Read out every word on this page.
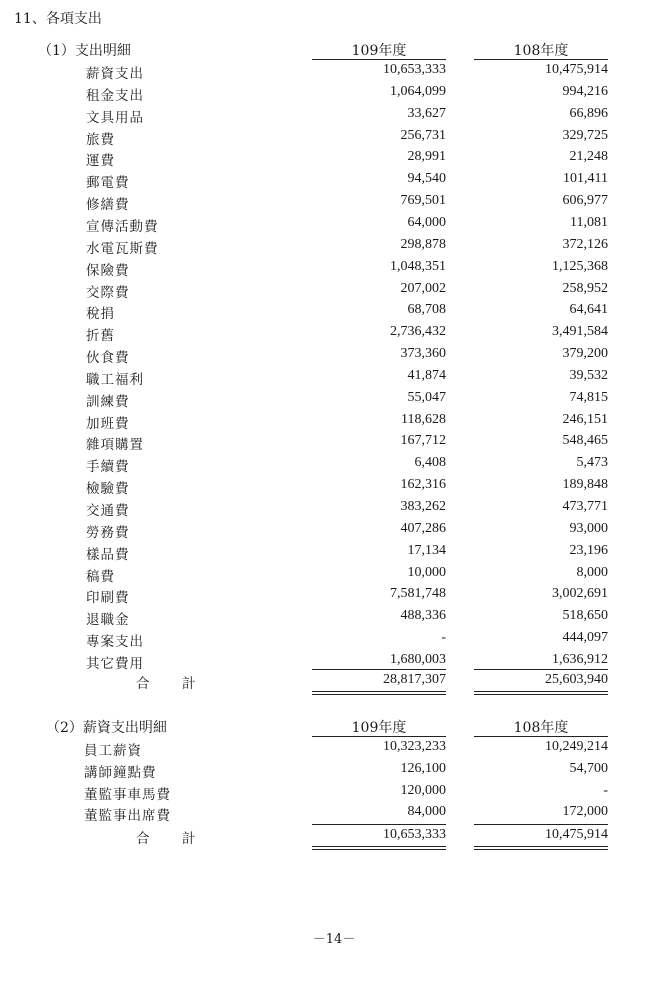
11、各項支出
（1）支出明細	109年度	108年度
薪資支出	10,653,333	10,475,914
租金支出	1,064,099	994,216
文具用品	33,627	66,896
旅費	256,731	329,725
運費	28,991	21,248
郵電費	94,540	101,411
修繕費	769,501	606,977
宣傳活動費	64,000	11,081
水電瓦斯費	298,878	372,126
保險費	1,048,351	1,125,368
交際費	207,002	258,952
稅捐	68,708	64,641
折舊	2,736,432	3,491,584
伙食費	373,360	379,200
職工福利	41,874	39,532
訓練費	55,047	74,815
加班費	118,628	246,151
雜項購置	167,712	548,465
手續費	6,408	5,473
檢驗費	162,316	189,848
交通費	383,262	473,771
勞務費	407,286	93,000
樣品費	17,134	23,196
稿費	10,000	8,000
印刷費	7,581,748	3,002,691
退職金	488,336	518,650
專案支出	-	444,097
其它費用	1,680,003	1,636,912
合 計	28,817,307	25,603,940
（2）薪資支出明細	109年度	108年度
員工薪資	10,323,233	10,249,214
講師鐘點費	126,100	54,700
董監事車馬費	120,000	-
董監事出席費	84,000	172,000
合 計	10,653,333	10,475,914
－14－
